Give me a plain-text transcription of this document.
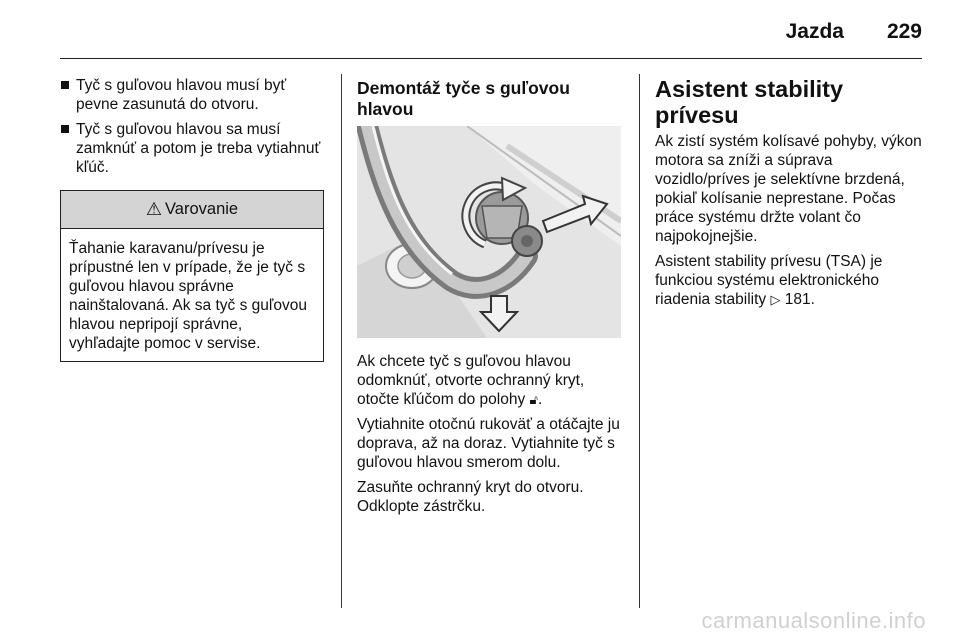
Jazda 229
Tyč s guľovou hlavou musí byť pevne zasunutá do otvoru.
Tyč s guľovou hlavou sa musí zamknúť a potom je treba vytiahnuť kľúč.
⚠ Varovanie
Ťahanie karavanu/prívesu je prípustné len v prípade, že je tyč s guľovou hlavou správne nainštalovaná. Ak sa tyč s guľovou hlavou nepripojí správne, vyhľadajte pomoc v servise.
Demontáž tyče s guľovou hlavou

Ak chcete tyč s guľovou hlavou odomknúť, otvorte ochranný kryt, otočte kľúčom do polohy 🔓︎.

Vytiahnite otočnú rukoväť a otáčajte ju doprava, až na doraz. Vytiahnite tyč s guľovou hlavou smerom dolu.

Zasuňte ochranný kryt do otvoru. Odklopte zástrčku.

Asistent stability prívesu

Ak zistí systém kolísavé pohyby, výkon motora sa zníži a súprava vozidlo/príves je selektívne brzdená, pokiaľ kolísanie neprestane. Počas práce systému držte volant čo najpokojnejšie.

Asistent stability prívesu (TSA) je funkciou systému elektronického riadenia stability ▷ 181.

carmanualsonline.info
